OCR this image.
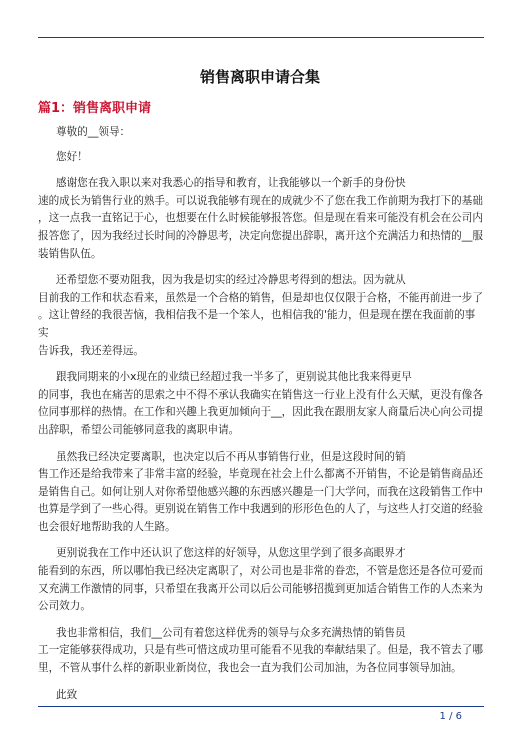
销售离职申请合集
篇1：销售离职申请

尊敬的__领导：

您好！

感谢您在我入职以来对我悉心的指导和教育，让我能够以一个新手的身份快

速的成长为销售行业的熟手。可以说我能够有现在的成就少不了您在我工作前期为我打下的基础

，这一点我一直铭记于心，也想要在什么时候能够报答您。但是现在看来可能没有机会在公司内

报答您了，因为我经过长时间的冷静思考，决定向您提出辞职，离开这个充满活力和热情的__服

装销售队伍。

还希望您不要劝阻我，因为我是切实的经过冷静思考得到的想法。因为就从

目前我的工作和状态看来，虽然是一个合格的销售，但是却也仅仅限于合格，不能再前进一步了

。这让曾经的我很苦恼，我相信我不是一个笨人，也相信我的'能力，但是现在摆在我面前的事实

告诉我，我还差得远。

跟我同期来的小x现在的业绩已经超过我一半多了，更别说其他比我来得更早

的同事，我也在痛苦的思索之中不得不承认我确实在销售这一行业上没有什么天赋，更没有像各

位同事那样的热情。在工作和兴趣上我更加倾向于__，因此我在跟朋友家人商量后决心向公司提

出辞职，希望公司能够同意我的离职申请。

虽然我已经决定要离职，也决定以后不再从事销售行业，但是这段时间的销

售工作还是给我带来了非常丰富的经验，毕竟现在社会上什么都离不开销售，不论是销售商品还

是销售自己。如何让别人对你希望他感兴趣的东西感兴趣是一门大学问，而我在这段销售工作中

也算是学到了一些心得。更别说在销售工作中我遇到的形形色色的人了，与这些人打交道的经验

也会很好地帮助我的人生路。

更别说我在工作中还认识了您这样的好领导，从您这里学到了很多高眼界才

能看到的东西，所以哪怕我已经决定离职了，对公司也是非常的眷恋，不管是您还是各位可爱而

又充满工作激情的同事，只希望在我离开公司以后公司能够招揽到更加适合销售工作的人杰来为

公司效力。

我也非常相信，我们__公司有着您这样优秀的领导与众多充满热情的销售员

工一定能够获得成功，只是有些可惜这成功里可能看不见我的奉献结果了。但是，我不管去了哪

里，不管从事什么样的新职业新岗位，我也会一直为我们公司加油，为各位同事领导加油。

此致

1 / 6
